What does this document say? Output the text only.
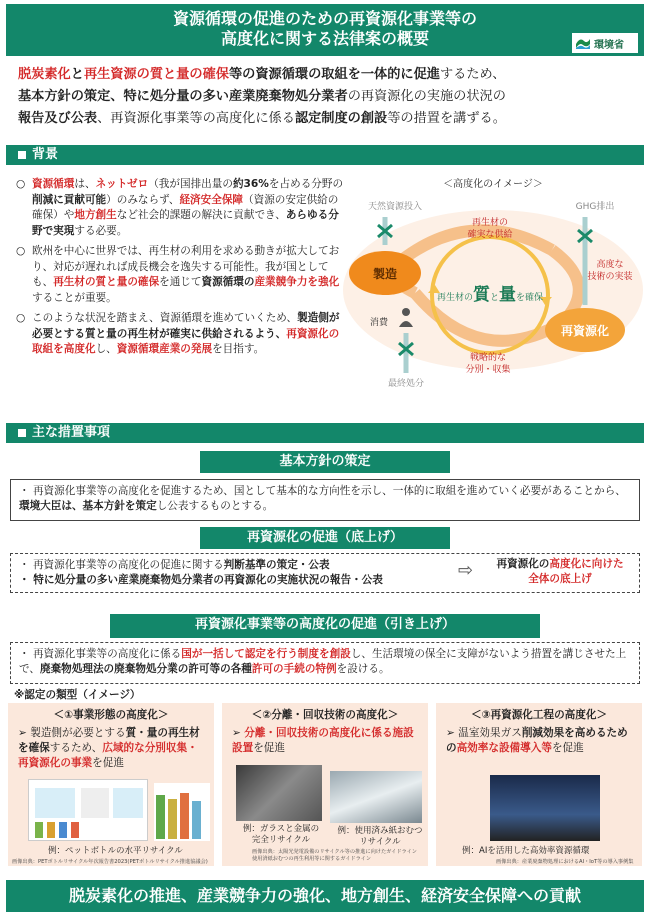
資源循環の促進のための再資源化事業等の
高度化に関する法律案の概要	環境省
脱炭素化と再生資源の質と量の確保等の資源循環の取組を一体的に促進するため、
基本方針の策定、特に処分量の多い産業廃棄物処分業者の再資源化の実施の状況の
報告及び公表、再資源化事業等の高度化に係る認定制度の創設等の措置を講ずる。
背景

○ 資源循環は、ネットゼロ（我が国排出量の約36%を占める分野の削減に貢献可能）のみならず、経済安全保障（資源の安定供給の確保）や地方創生など社会的課題の解決に貢献でき、あらゆる分野で実現する必要。

○ 欧州を中心に世界では、再生材の利用を求める動きが拡大しており、対応が遅れれば成長機会を逸失する可能性。我が国としても、再生材の質と量の確保を通じて資源循環の産業競争力を強化することが重要。

○ このような状況を踏まえ、資源循環を進めていくため、製造側が必要とする質と量の再生材が確実に供給されるよう、再資源化の取組を高度化し、資源循環産業の発展を目指す。

＜高度化のイメージ＞
再生材の質と量を確保
製造
再資源化
天然資源投入	GHG排出
再生材の確実な供給
高度な技術の実装
戦略的な分別・収集
消費
最終処分
主な措置事項
基本方針の策定
・ 再資源化事業等の高度化を促進するため、国として基本的な方向性を示し、一体的に取組を進めていく必要があることから、環境大臣は、基本方針を策定し公表するものとする。
再資源化の促進（底上げ）
・ 再資源化事業等の高度化の促進に関する判断基準の策定・公表
・ 特に処分量の多い産業廃棄物処分業者の再資源化の実施状況の報告・公表	⇨	再資源化の高度化に向けた
全体の底上げ
再資源化事業等の高度化の促進（引き上げ）
・ 再資源化事業等の高度化に係る国が一括して認定を行う制度を創設し、生活環境の保全に支障がないよう措置を講じさせた上で、廃棄物処理法の廃棄物処分業の許可等の各種許可の手続の特例を設ける。
※認定の類型（イメージ）
＜①事業形態の高度化＞
➢ 製造側が必要とする質・量の再生材を確保するため、広域的な分別収集・再資源化の事業を促進
例：ペットボトルの水平リサイクル
画像出典：PETボトルリサイクル年次報告書2023(PETボトルリサイクル推進協議会)
＜②分離・回収技術の高度化＞
➢ 分離・回収技術の高度化に係る施設設置を促進
例：ガラスと金属の
完全リサイクル
例：使用済み紙おむつ
リサイクル
画像出典：太陽光発電設備のリサイクル等の推進に向けたガイドライン
使用済紙おむつの再生利用等に関するガイドライン
＜③再資源化工程の高度化＞
➢ 温室効果ガス削減効果を高めるための高効率な設備導入等を促進
例：AIを活用した高効率資源循環
画像出典：産業廃棄物処理におけるAI・IoT等の導入事例集
脱炭素化の推進、産業競争力の強化、地方創生、経済安全保障への貢献
